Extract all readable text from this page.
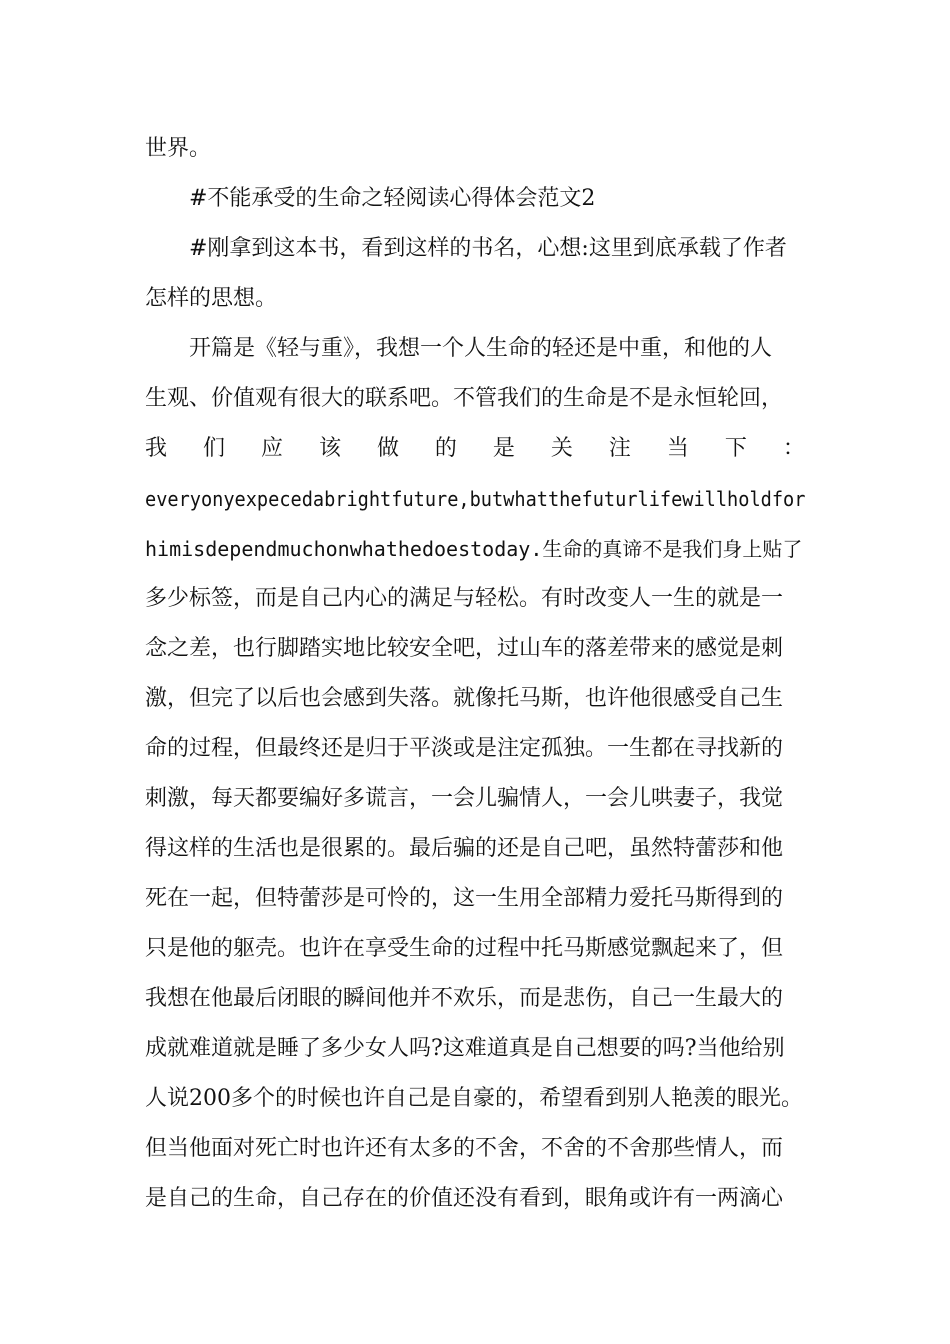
世界。
#不能承受的生命之轻阅读心得体会范文2
#刚拿到这本书，看到这样的书名，心想:这里到底承载了作者
怎样的思想。
开篇是《轻与重》，我想一个人生命的轻还是中重，和他的人
生观、价值观有很大的联系吧。不管我们的生命是不是永恒轮回，
我 们 应 该 做 的 是 关 注 当 下 ：
everyonyexpecedabrightfuture,butwhatthefuturlifewillholdfor
himisdependmuchonwhathedoestoday.生命的真谛不是我们身上贴了
多少标签，而是自己内心的满足与轻松。有时改变人一生的就是一
念之差，也行脚踏实地比较安全吧，过山车的落差带来的感觉是刺
激，但完了以后也会感到失落。就像托马斯，也许他很感受自己生
命的过程，但最终还是归于平淡或是注定孤独。一生都在寻找新的
刺激，每天都要编好多谎言，一会儿骗情人，一会儿哄妻子，我觉
得这样的生活也是很累的。最后骗的还是自己吧，虽然特蕾莎和他
死在一起，但特蕾莎是可怜的，这一生用全部精力爱托马斯得到的
只是他的躯壳。也许在享受生命的过程中托马斯感觉飘起来了，但
我想在他最后闭眼的瞬间他并不欢乐，而是悲伤，自己一生最大的
成就难道就是睡了多少女人吗?这难道真是自己想要的吗?当他给别
人说200多个的时候也许自己是自豪的，希望看到别人艳羡的眼光。
但当他面对死亡时也许还有太多的不舍，不舍的不舍那些情人，而
是自己的生命，自己存在的价值还没有看到，眼角或许有一两滴心
